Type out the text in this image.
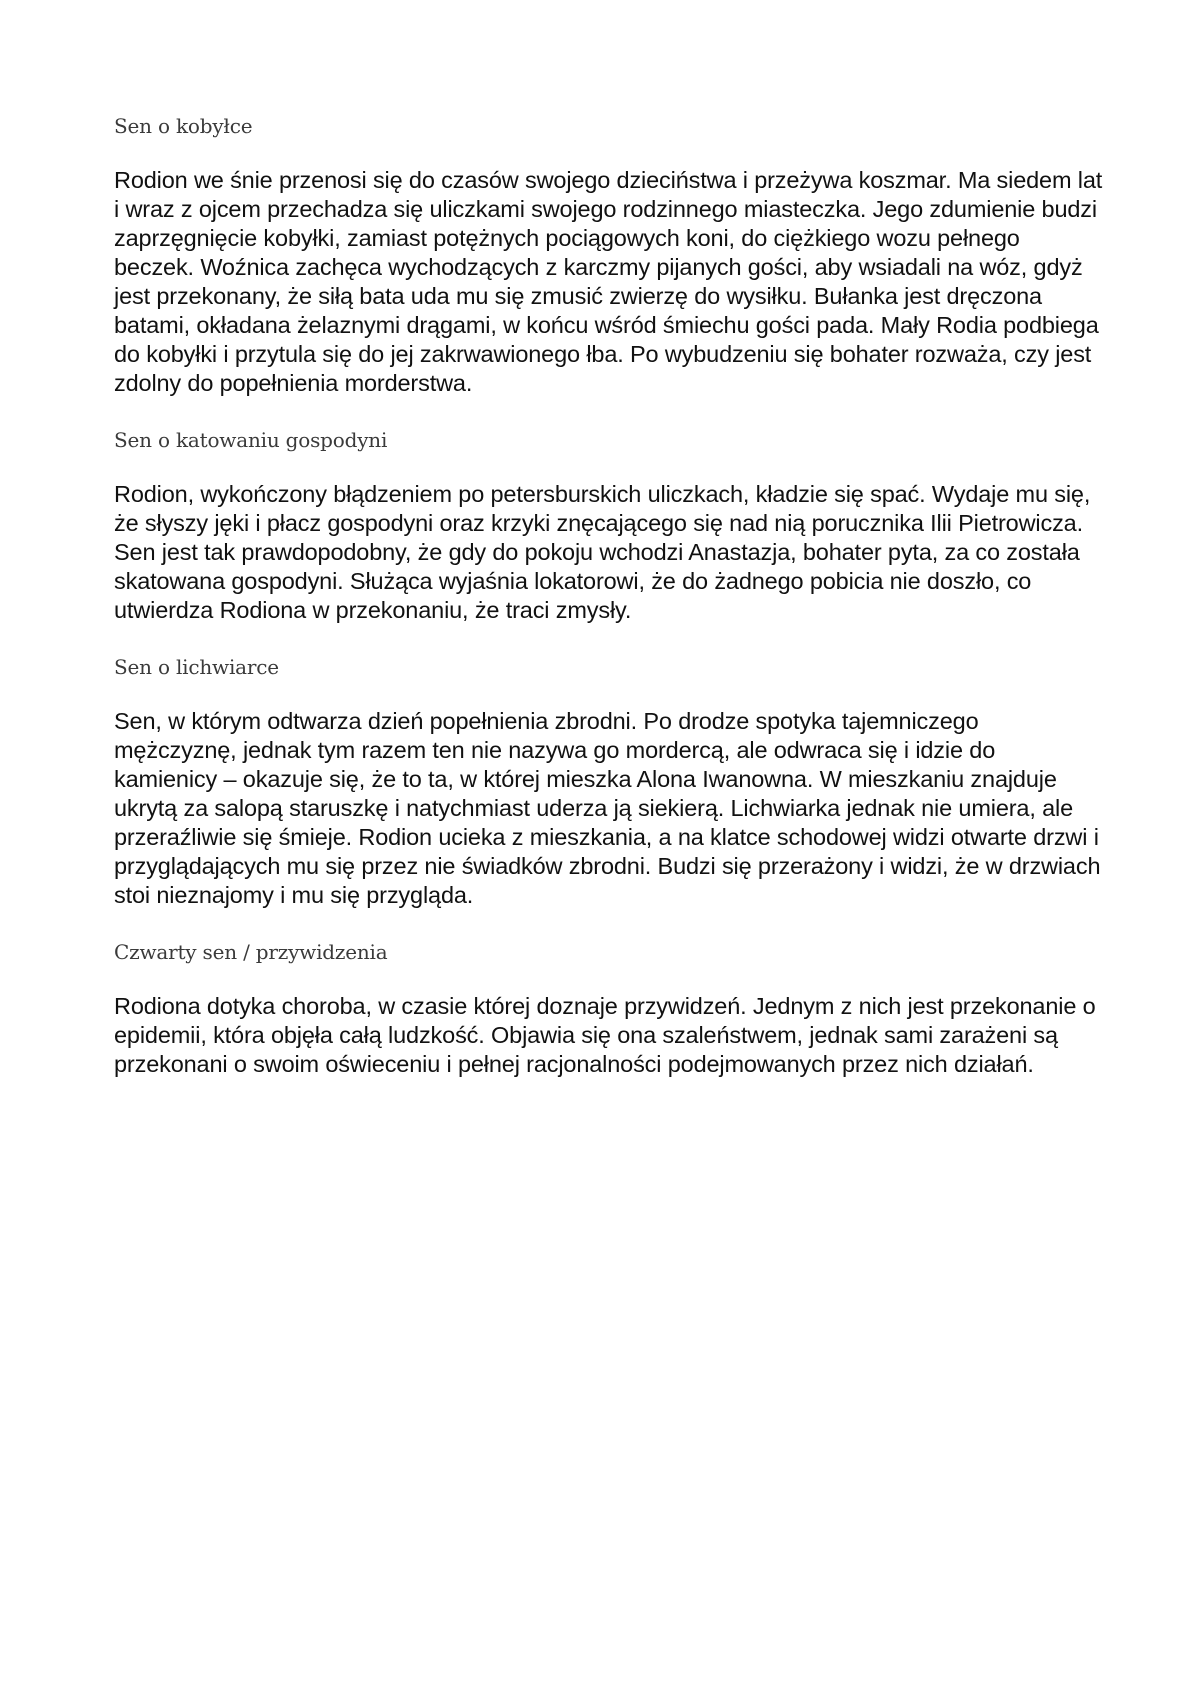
Sen o kobyłce

Rodion we śnie przenosi się do czasów swojego dzieciństwa i przeżywa koszmar. Ma siedem lat i wraz z ojcem przechadza się uliczkami swojego rodzinnego miasteczka. Jego zdumienie budzi zaprzęgnięcie kobyłki, zamiast potężnych pociągowych koni, do ciężkiego wozu pełnego beczek. Woźnica zachęca wychodzących z karczmy pijanych gości, aby wsiadali na wóz, gdyż jest przekonany, że siłą bata uda mu się zmusić zwierzę do wysiłku. Bułanka jest dręczona batami, okładana żelaznymi drągami, w końcu wśród śmiechu gości pada. Mały Rodia podbiega do kobyłki i przytula się do jej zakrwawionego łba. Po wybudzeniu się bohater rozważa, czy jest zdolny do popełnienia morderstwa.

Sen o katowaniu gospodyni

Rodion, wykończony błądzeniem po petersburskich uliczkach, kładzie się spać. Wydaje mu się, że słyszy jęki i płacz gospodyni oraz krzyki znęcającego się nad nią porucznika Ilii Pietrowicza. Sen jest tak prawdopodobny, że gdy do pokoju wchodzi Anastazja, bohater pyta, za co została skatowana gospodyni. Służąca wyjaśnia lokatorowi, że do żadnego pobicia nie doszło, co utwierdza Rodiona w przekonaniu, że traci zmysły.

Sen o lichwiarce

Sen, w którym odtwarza dzień popełnienia zbrodni. Po drodze spotyka tajemniczego mężczyznę, jednak tym razem ten nie nazywa go mordercą, ale odwraca się i idzie do kamienicy – okazuje się, że to ta, w której mieszka Alona Iwanowna. W mieszkaniu znajduje ukrytą za salopą staruszkę i natychmiast uderza ją siekierą. Lichwiarka jednak nie umiera, ale przeraźliwie się śmieje. Rodion ucieka z mieszkania, a na klatce schodowej widzi otwarte drzwi i przyglądających mu się przez nie świadków zbrodni. Budzi się przerażony i widzi, że w drzwiach stoi nieznajomy i mu się przygląda.

Czwarty sen / przywidzenia

Rodiona dotyka choroba, w czasie której doznaje przywidzeń. Jednym z nich jest przekonanie o epidemii, która objęła całą ludzkość. Objawia się ona szaleństwem, jednak sami zarażeni są przekonani o swoim oświeceniu i pełnej racjonalności podejmowanych przez nich działań.
